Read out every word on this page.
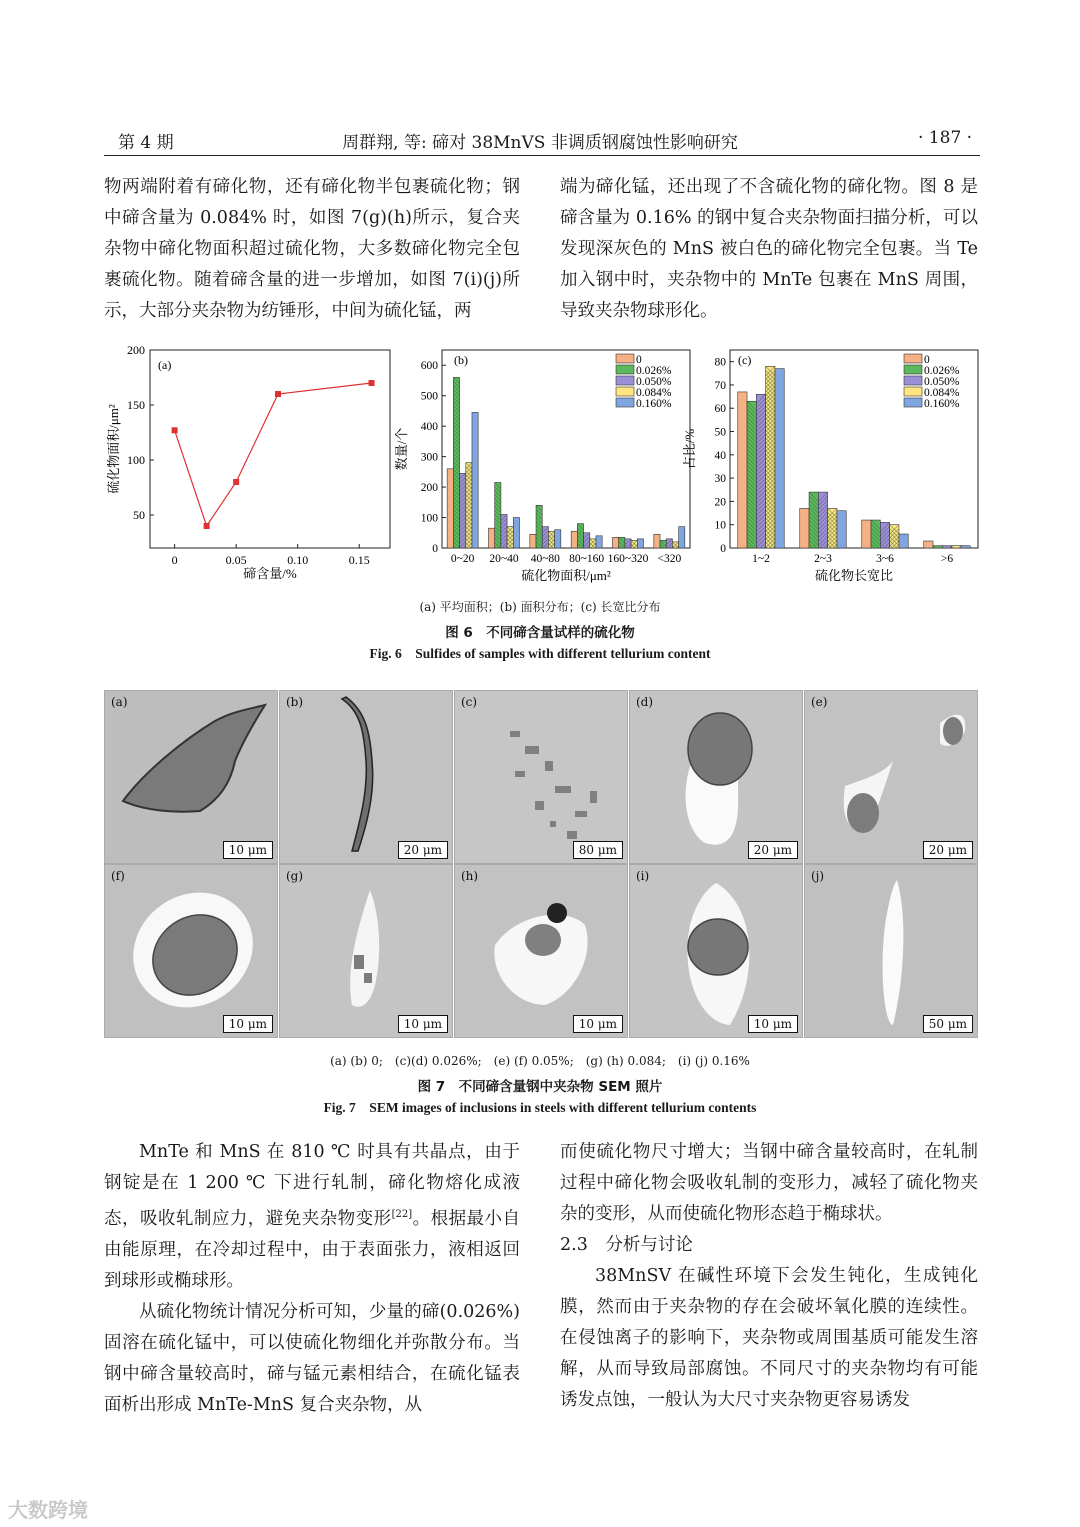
第 4 期	周群翔, 等: 碲对 38MnVS 非调质钢腐蚀性影响研究	· 187 ·

物两端附着有碲化物，还有碲化物半包裹硫化物；钢中碲含量为 0.084% 时，如图 7(g)(h)所示，复合夹杂物中碲化物面积超过硫化物，大多数碲化物完全包裹硫化物。随着碲含量的进一步增加，如图 7(i)(j)所示，大部分夹杂物为纺锤形，中间为硫化锰，两

端为碲化锰，还出现了不含硫化物的碲化物。图 8 是碲含量为 0.16% 的钢中复合夹杂物面扫描分析，可以发现深灰色的 MnS 被白色的碲化物完全包裹。当 Te 加入钢中时，夹杂物中的 MnTe 包裹在 MnS 周围，导致夹杂物球形化。

(a)
50
100
150
200
0	0.05	0.10	0.15
碲含量/%
硫化物面积/μm²
(b)
0
100
200
300
400
500
600
0~20 20~40 40~80 80~160 160~320 <320
0
0.026%
0.050%
0.084%
0.160%
硫化物面积/μm²
数量/个
(c)
0
10
20
30
40
50
60
70
80
1~2	2~3	3~6	>6
0
0.026%
0.050%
0.084%
0.160%
硫化物长宽比
占比/%
(a) 平均面积；(b) 面积分布；(c) 长宽比分布
图 6　不同碲含量试样的硫化物
Fig. 6　Sulfides of samples with different tellurium content
(a)
10 μm
(b)
20 μm
(c)
80 μm
(d)
20 μm
(e)
20 μm
(f)
10 μm
(g)
10 μm
(h)
10 μm
(i)
10 μm
(j)
50 μm
(a) (b) 0;　(c)(d) 0.026%;　(e) (f) 0.05%;　(g) (h) 0.084;　(i) (j) 0.16%
图 7　不同碲含量钢中夹杂物 SEM 照片
Fig. 7　SEM images of inclusions in steels with different tellurium contents

MnTe 和 MnS 在 810 ℃ 时具有共晶点，由于钢锭是在 1 200 ℃ 下进行轧制，碲化物熔化成液态，吸收轧制应力，避免夹杂物变形[22]。根据最小自由能原理，在冷却过程中，由于表面张力，液相返回到球形或椭球形。

从硫化物统计情况分析可知，少量的碲(0.026%)固溶在硫化锰中，可以使硫化物细化并弥散分布。当钢中碲含量较高时，碲与锰元素相结合，在硫化锰表面析出形成 MnTe-MnS 复合夹杂物，从

而使硫化物尺寸增大；当钢中碲含量较高时，在轧制过程中碲化物会吸收轧制的变形力，减轻了硫化物夹杂的变形，从而使硫化物形态趋于椭球状。

2.3　分析与讨论

38MnSV 在碱性环境下会发生钝化，生成钝化膜，然而由于夹杂物的存在会破坏氧化膜的连续性。在侵蚀离子的影响下，夹杂物或周围基质可能发生溶解，从而导致局部腐蚀。不同尺寸的夹杂物均有可能诱发点蚀，一般认为大尺寸夹杂物更容易诱发

大数跨境
